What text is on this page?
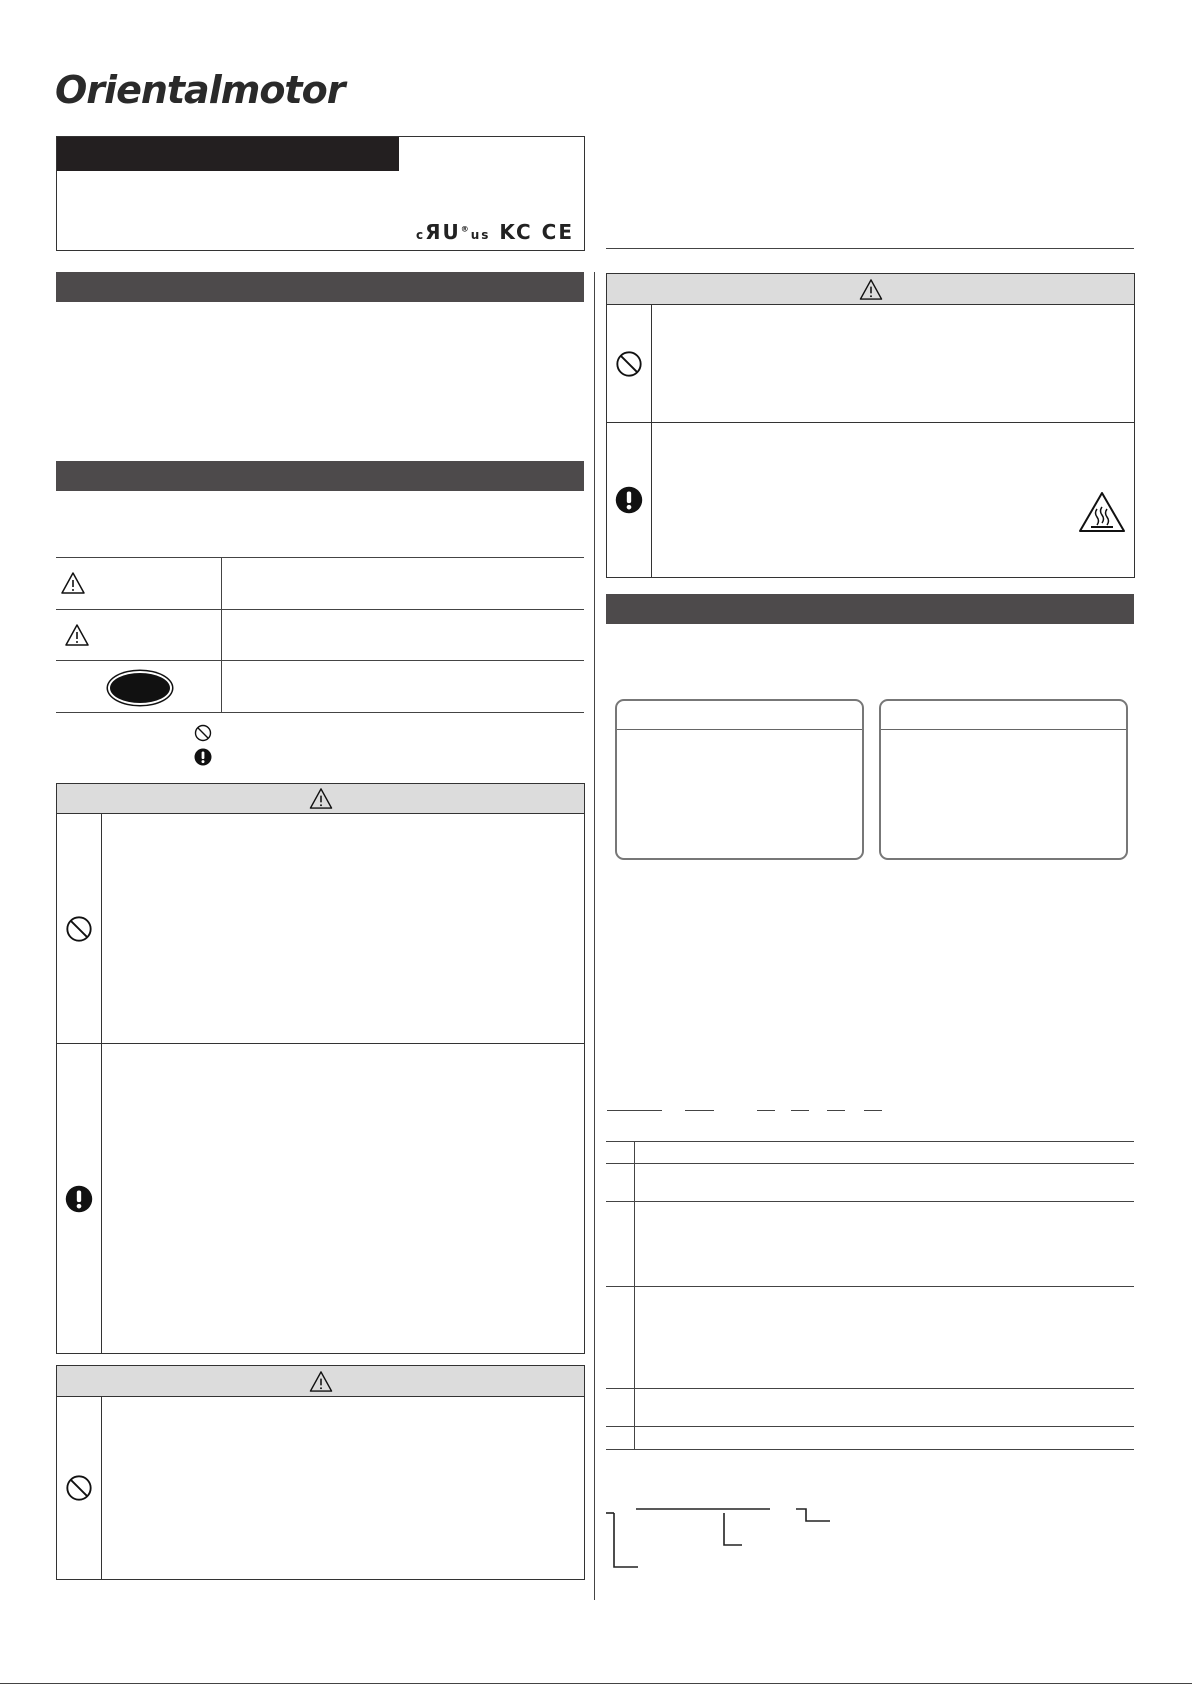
Orientalmotor
cЯU®us KC CE
